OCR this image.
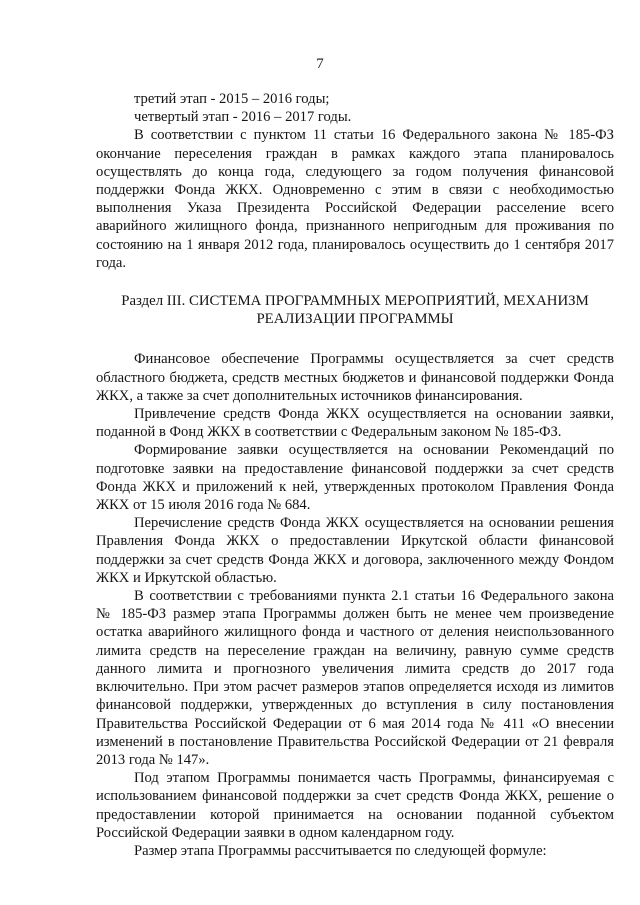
7

третий этап - 2015 – 2016 годы;

четвертый этап - 2016 – 2017 годы.

В соответствии с пунктом 11 статьи 16 Федерального закона № 185-ФЗ окончание переселения граждан в рамках каждого этапа планировалось осуществлять до конца года, следующего за годом получения финансовой поддержки Фонда ЖКХ. Одновременно с этим в связи с необходимостью выполнения Указа Президента Российской Федерации расселение всего аварийного жилищного фонда, признанного непригодным для проживания по состоянию на 1 января 2012 года, планировалось осуществить до 1 сентября 2017 года.

Раздел III. СИСТЕМА ПРОГРАММНЫХ МЕРОПРИЯТИЙ, МЕХАНИЗМ РЕАЛИЗАЦИИ ПРОГРАММЫ

Финансовое обеспечение Программы осуществляется за счет средств областного бюджета, средств местных бюджетов и финансовой поддержки Фонда ЖКХ, а также за счет дополнительных источников финансирования.

Привлечение средств Фонда ЖКХ осуществляется на основании заявки, поданной в Фонд ЖКХ в соответствии с Федеральным законом № 185-ФЗ.

Формирование заявки осуществляется на основании Рекомендаций по подготовке заявки на предоставление финансовой поддержки за счет средств Фонда ЖКХ и приложений к ней, утвержденных протоколом Правления Фонда ЖКХ от 15 июля 2016 года № 684.

Перечисление средств Фонда ЖКХ осуществляется на основании решения Правления Фонда ЖКХ о предоставлении Иркутской области финансовой поддержки за счет средств Фонда ЖКХ и договора, заключенного между Фондом ЖКХ и Иркутской областью.

В соответствии с требованиями пункта 2.1 статьи 16 Федерального закона № 185-ФЗ размер этапа Программы должен быть не менее чем произведение остатка аварийного жилищного фонда и частного от деления неиспользованного лимита средств на переселение граждан на величину, равную сумме средств данного лимита и прогнозного увеличения лимита средств до 2017 года включительно. При этом расчет размеров этапов определяется исходя из лимитов финансовой поддержки, утвержденных до вступления в силу постановления Правительства Российской Федерации от 6 мая 2014 года № 411 «О внесении изменений в постановление Правительства Российской Федерации от 21 февраля 2013 года № 147».

Под этапом Программы понимается часть Программы, финансируемая с использованием финансовой поддержки за счет средств Фонда ЖКХ, решение о предоставлении которой принимается на основании поданной субъектом Российской Федерации заявки в одном календарном году.

Размер этапа Программы рассчитывается по следующей формуле:
